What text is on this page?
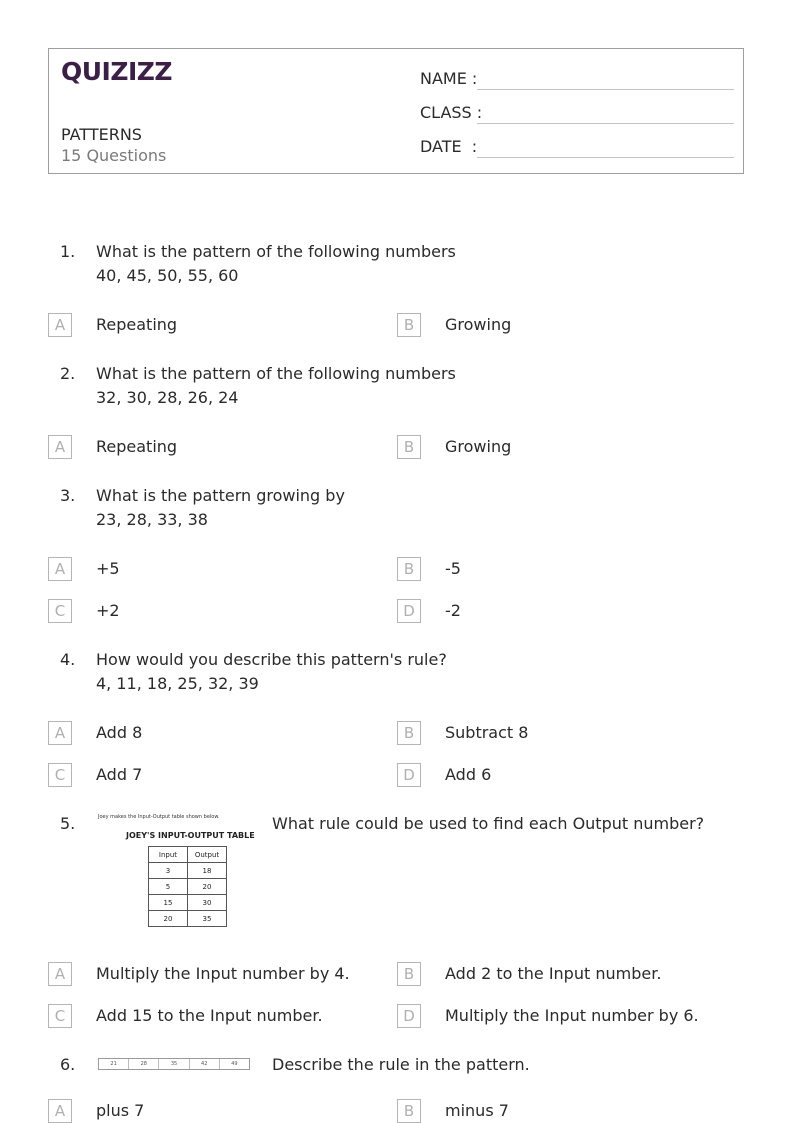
QUIZIZZ
PATTERNS
15 Questions
NAME :
CLASS :
DATE  :
1. What is the pattern of the following numbers
40, 45, 50, 55, 60
A	Repeating	B	Growing
2. What is the pattern of the following numbers
32, 30, 28, 26, 24
A	Repeating	B	Growing
3. What is the pattern growing by
23, 28, 33, 38
A	+5	B	-5
C	+2	D	-2
4. How would you describe this pattern's rule?
4, 11, 18, 25, 32, 39
A	Add 8	B	Subtract 8
C	Add 7	D	Add 6
5.	What rule could be used to find each Output number?
Joey makes the Input-Output table shown below.
JOEY'S INPUT-OUTPUT TABLE
Input	Output
3	18
5	20
15	30
20	35
A	Multiply the Input number by 4.	B	Add 2 to the Input number.
C	Add 15 to the Input number.	D	Multiply the Input number by 6.
6.	Describe the rule in the pattern.
21	28	35	42	49
A	plus 7	B	minus 7
